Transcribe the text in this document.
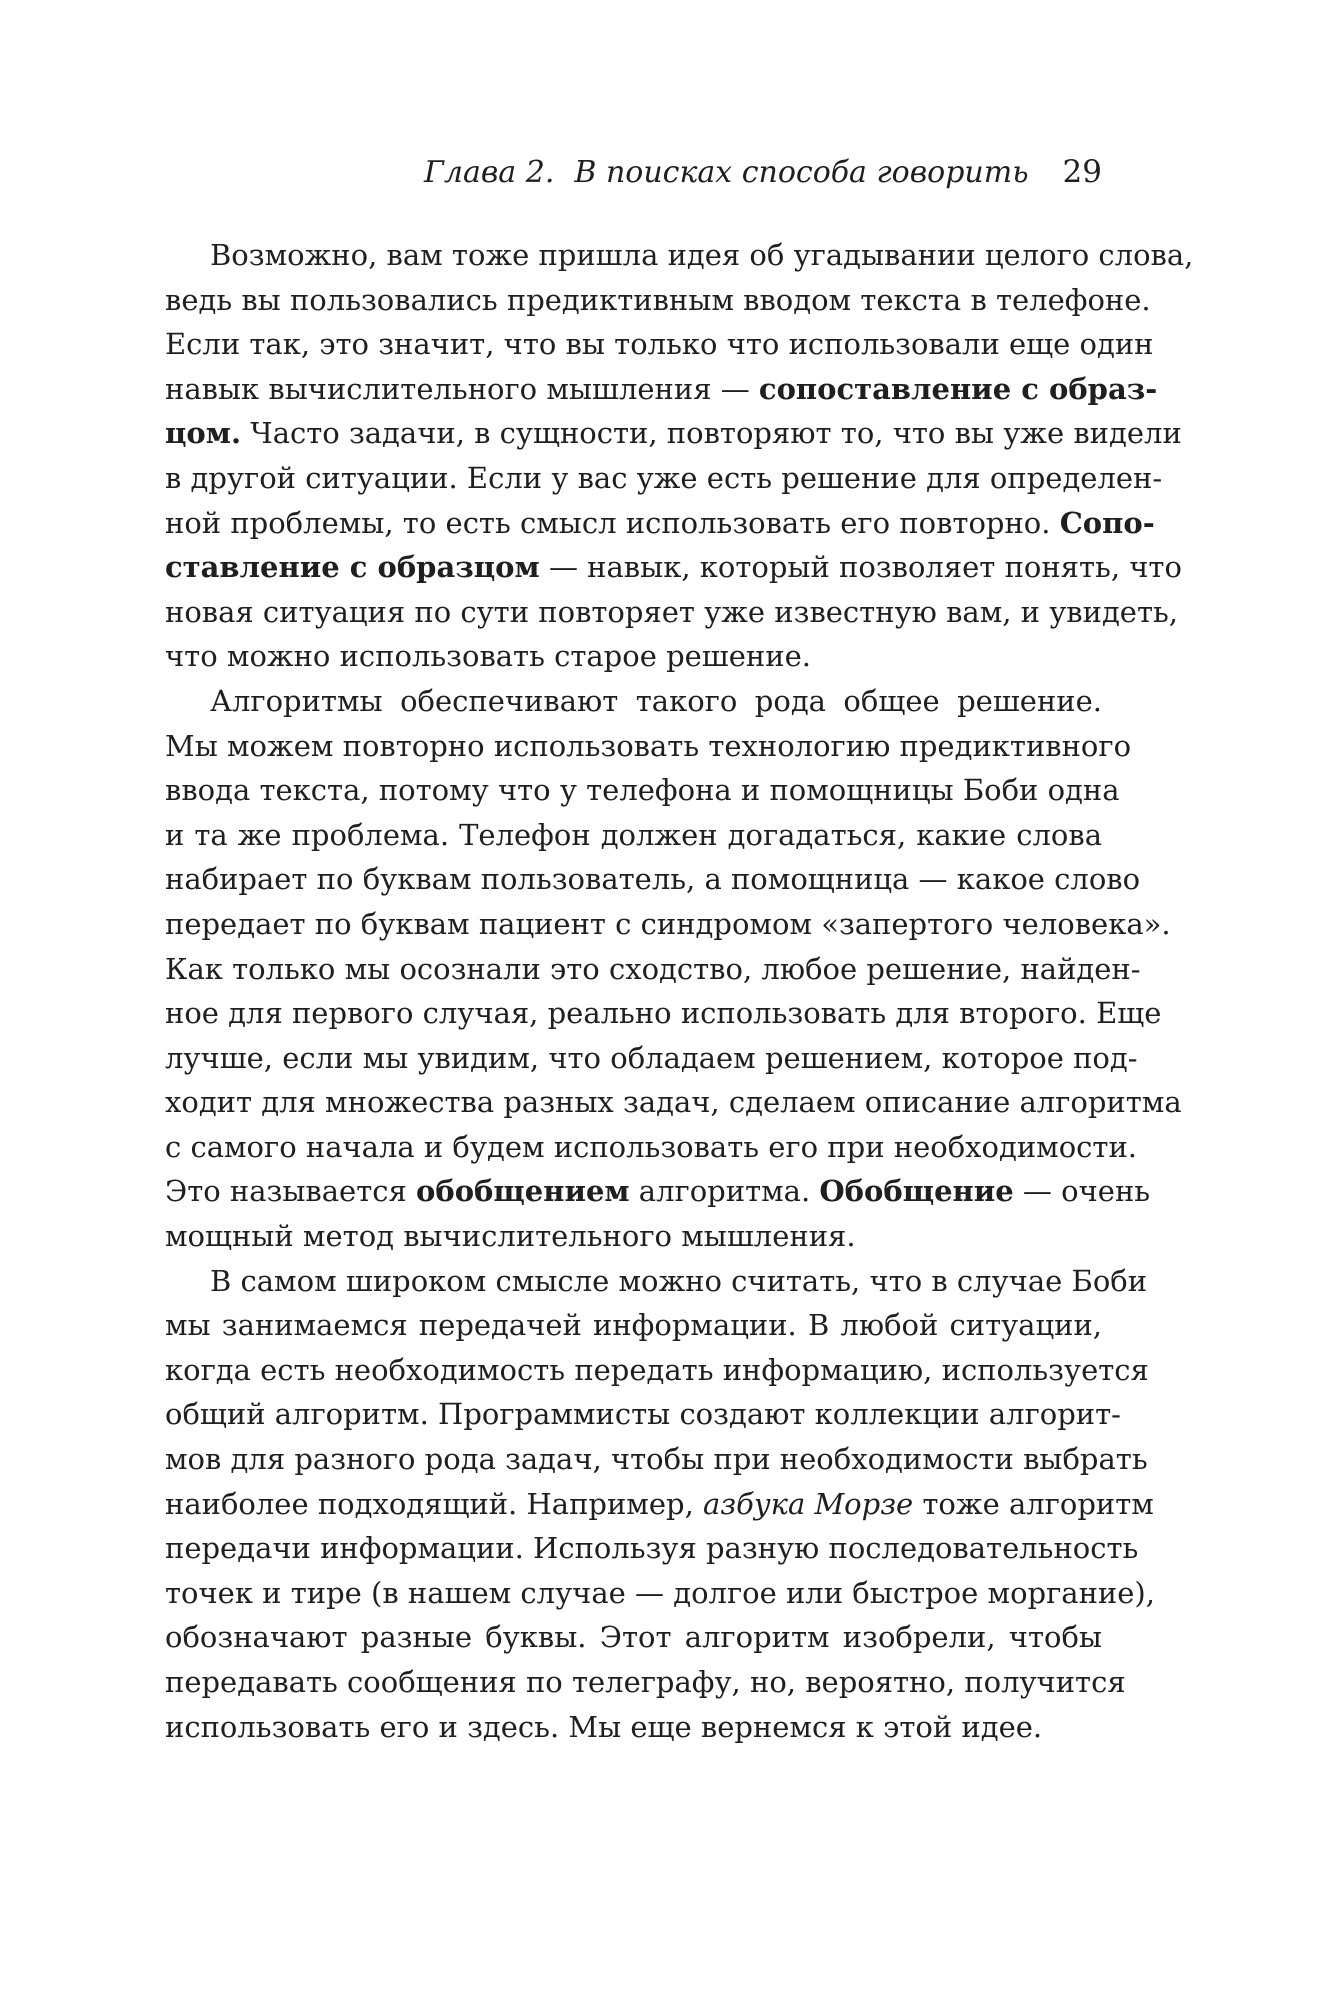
Глава 2. В поисках способа говорить 29
Возможно, вам тоже пришла идея об угадывании целого слова,
ведь вы пользовались предиктивным вводом текста в телефоне.
Если так, это значит, что вы только что использовали еще один
навык вычислительного мышления — сопоставление с образ-
цом. Часто задачи, в сущности, повторяют то, что вы уже видели
в другой ситуации. Если у вас уже есть решение для определен-
ной проблемы, то есть смысл использовать его повторно. Сопо-
ставление с образцом — навык, который позволяет понять, что
новая ситуация по сути повторяет уже известную вам, и увидеть,
что можно использовать старое решение.
Алгоритмы обеспечивают такого рода общее решение.
Мы можем повторно использовать технологию предиктивного
ввода текста, потому что у телефона и помощницы Боби одна
и та же проблема. Телефон должен догадаться, какие слова
набирает по буквам пользователь, а помощница — какое слово
передает по буквам пациент с синдромом «запертого человека».
Как только мы осознали это сходство, любое решение, найден-
ное для первого случая, реально использовать для второго. Еще
лучше, если мы увидим, что обладаем решением, которое под-
ходит для множества разных задач, сделаем описание алгоритма
с самого начала и будем использовать его при необходимости.
Это называется обобщением алгоритма. Обобщение — очень
мощный метод вычислительного мышления.
В самом широком смысле можно считать, что в случае Боби
мы занимаемся передачей информации. В любой ситуации,
когда есть необходимость передать информацию, используется
общий алгоритм. Программисты создают коллекции алгорит-
мов для разного рода задач, чтобы при необходимости выбрать
наиболее подходящий. Например, азбука Морзе тоже алгоритм
передачи информации. Используя разную последовательность
точек и тире (в нашем случае — долгое или быстрое моргание),
обозначают разные буквы. Этот алгоритм изобрели, чтобы
передавать сообщения по телеграфу, но, вероятно, получится
использовать его и здесь. Мы еще вернемся к этой идее.
